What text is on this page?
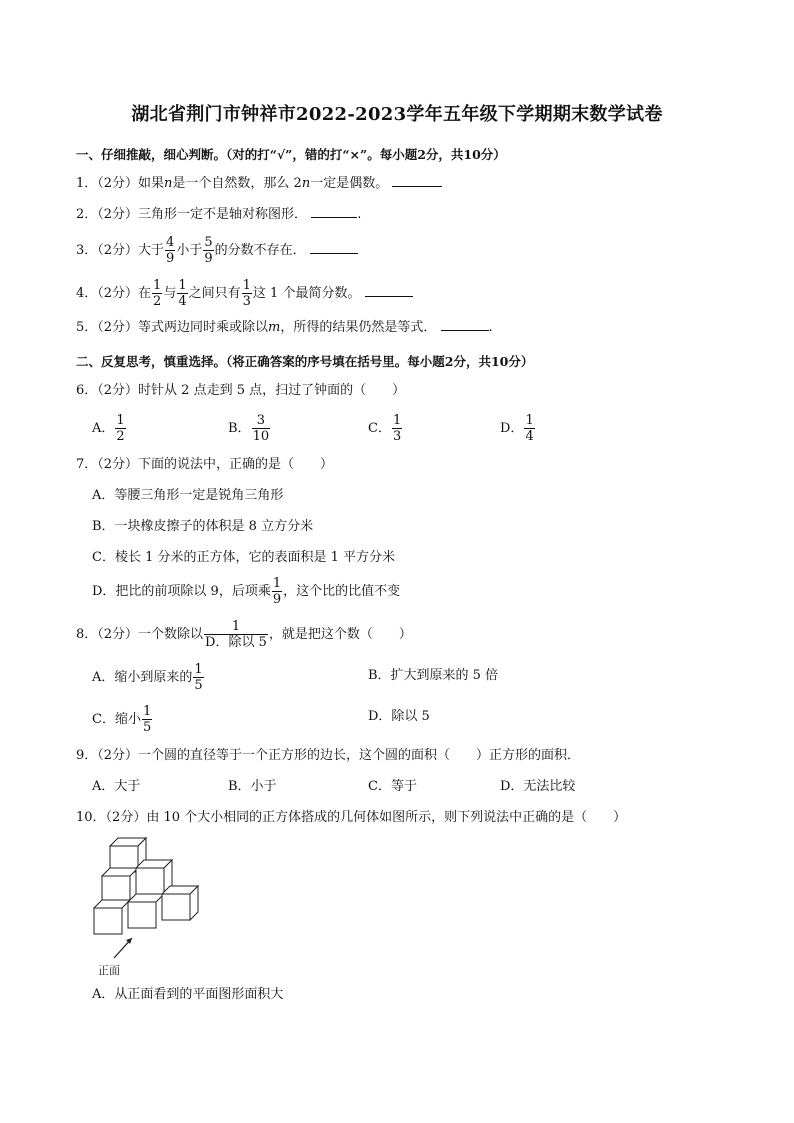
湖北省荆门市钟祥市2022-2023学年五年级下学期期末数学试卷
一、仔细推敲，细心判断。（对的打“√”，错的打“×”。每小题2分，共10分）
1．（2分）如果n是一个自然数，那么 2n一定是偶数。
2．（2分）三角形一定不是轴对称图形．	.
3．（2分）大于 $\frac{4}{9}$ 小于 $\frac{5}{9}$ 的分数不存在．
4．（2分）在 $\frac{1}{2}$ 与 $\frac{1}{4}$ 之间只有 $\frac{1}{3}$ 这 1 个最简分数。
5．（2分）等式两边同时乘或除以m，所得的结果仍然是等式．	.
二、反复思考，慎重选择。（将正确答案的序号填在括号里。每小题2分，共10分）
6．（2分）时针从 2 点走到 5 点，扫过了钟面的（　　）
A． $\frac{1}{2}$	B． $\frac{3}{10}$	C． $\frac{1}{3}$	D． $\frac{1}{4}$
7．（2分）下面的说法中，正确的是（　　）
A．等腰三角形一定是锐角三角形
B．一块橡皮擦子的体积是 8 立方分米
C．棱长 1 分米的正方体，它的表面积是 1 平方分米
D．把比的前项除以 9，后项乘 $\frac{1}{9}$ ，这个比的比值不变
8．（2分）一个数除以 $\frac{1}{\text{D．除以 5}}$ ，就是把这个数（　　）
A．缩小到原来的 $\frac{1}{5}$	B．扩大到原来的 5 倍
C．缩小 $\frac{1}{5}$	D．除以 5
9．（2分）一个圆的直径等于一个正方形的边长，这个圆的面积（　　）正方形的面积．
A．大于	B．小于	C．等于	D．无法比较
10．（2分）由 10 个大小相同的正方体搭成的几何体如图所示，则下列说法中正确的是（　　）
正面
A．从正面看到的平面图形面积大
